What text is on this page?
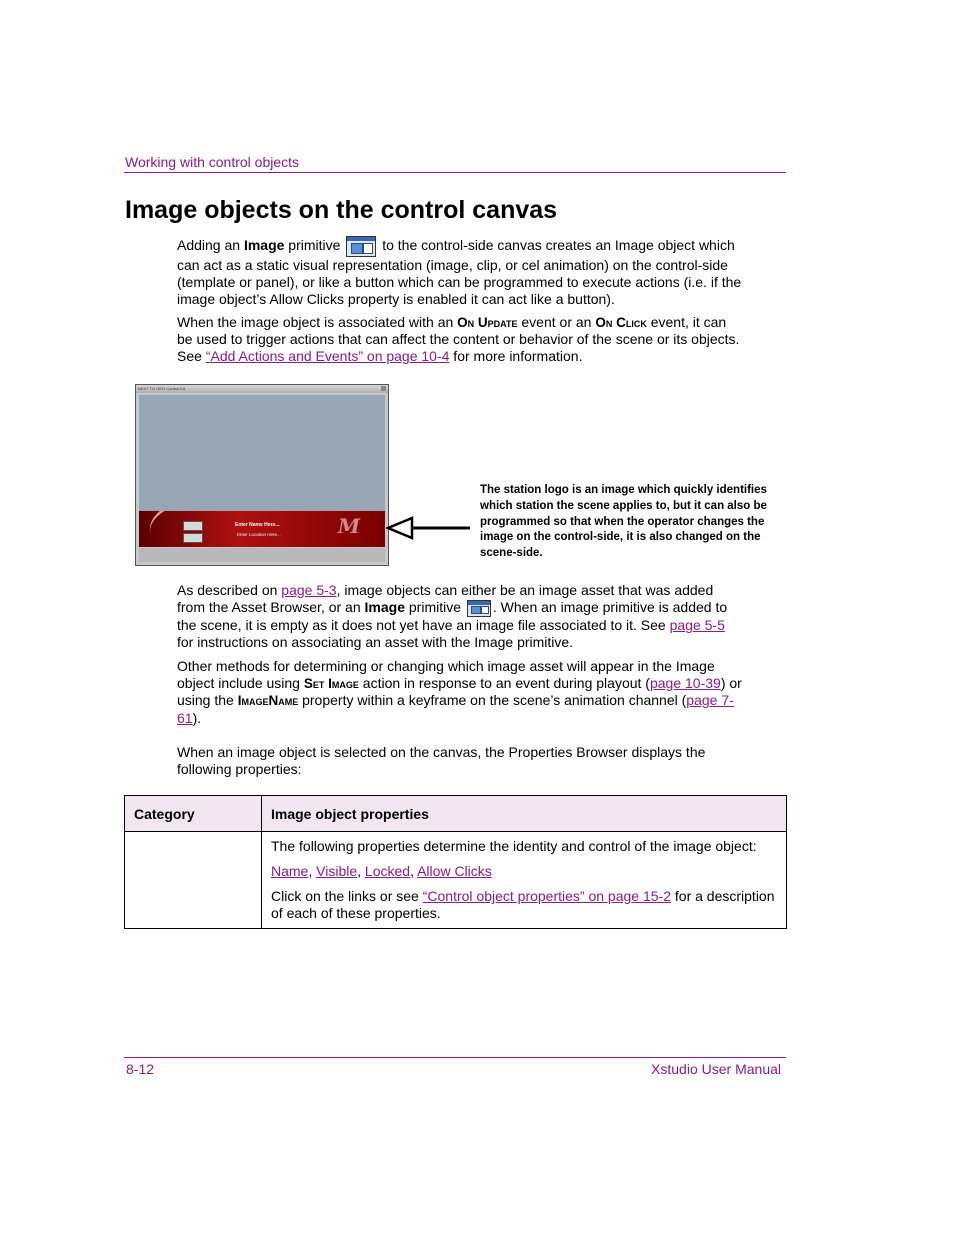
Working with control objects
Image objects on the control canvas

Adding an Image primitive
to the control-side canvas creates an Image object which can act as a static visual representation (image, clip, or cel animation) on the control-side (template or panel), or like a button which can be programmed to execute actions (i.e. if the image object’s Allow Clicks property is enabled it can act like a button).

When the image object is associated with an On Update event or an On Click event, it can be used to trigger actions that can affect the content or behavior of the scene or its objects. See “Add Actions and Events” on page 10-4 for more information.

NEXT TO GEO Control Ed
Enter Name Here...
Enter Location Here...	M
The station logo is an image which quickly identifies which station the scene applies to, but it can also be programmed so that when the operator changes the image on the control-side, it is also changed on the scene-side.

As described on page 5-3, image objects can either be an image asset that was added from the Asset Browser, or an Image primitive
. When an image primitive is added to the scene, it is empty as it does not yet have an image file associated to it. See page 5-5 for instructions on associating an asset with the Image primitive.

Other methods for determining or changing which image asset will appear in the Image object include using Set Image action in response to an event during playout (page 10-39) or using the ImageName property within a keyframe on the scene’s animation channel (page 7-61).

When an image object is selected on the canvas, the Properties Browser displays the following properties:

Category	Image object properties

	The following properties determine the identity and control of the image object:

Name, Visible, Locked, Allow Clicks

Click on the links or see “Control object properties” on page 15-2 for a description of each of these properties.

8-12	Xstudio User Manual
